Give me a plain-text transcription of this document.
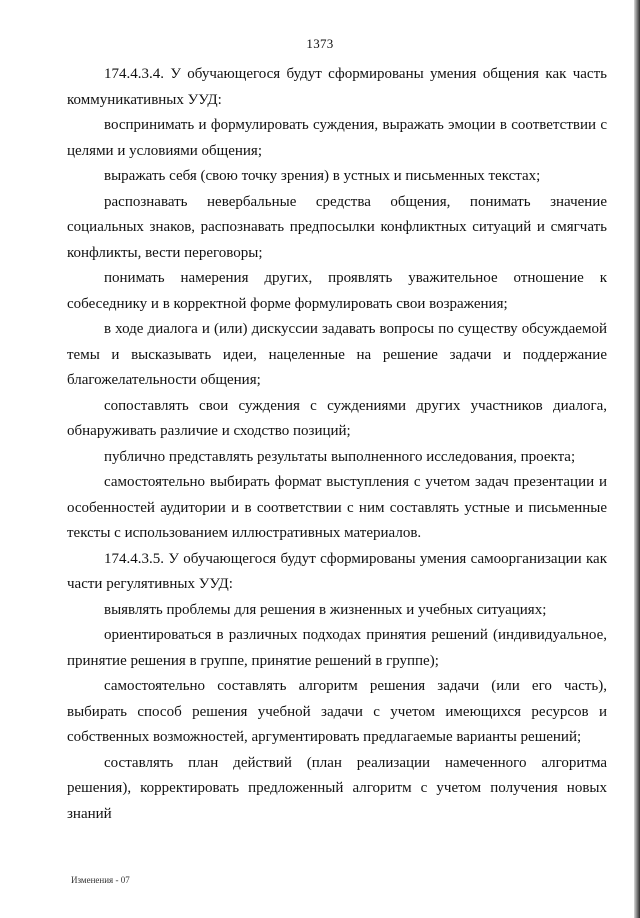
1373

174.4.3.4. У обучающегося будут сформированы умения общения как часть коммуникативных УУД:

воспринимать и формулировать суждения, выражать эмоции в соответствии с целями и условиями общения;

выражать себя (свою точку зрения) в устных и письменных текстах;

распознавать невербальные средства общения, понимать значение социальных знаков, распознавать предпосылки конфликтных ситуаций и смягчать конфликты, вести переговоры;

понимать намерения других, проявлять уважительное отношение к собеседнику и в корректной форме формулировать свои возражения;

в ходе диалога и (или) дискуссии задавать вопросы по существу обсуждаемой темы и высказывать идеи, нацеленные на решение задачи и поддержание благожелательности общения;

сопоставлять свои суждения с суждениями других участников диалога, обнаруживать различие и сходство позиций;

публично представлять результаты выполненного исследования, проекта;

самостоятельно выбирать формат выступления с учетом задач презентации и особенностей аудитории и в соответствии с ним составлять устные и письменные тексты с использованием иллюстративных материалов.

174.4.3.5. У обучающегося будут сформированы умения самоорганизации как части регулятивных УУД:

выявлять проблемы для решения в жизненных и учебных ситуациях;

ориентироваться в различных подходах принятия решений (индивидуальное, принятие решения в группе, принятие решений в группе);

самостоятельно составлять алгоритм решения задачи (или его часть), выбирать способ решения учебной задачи с учетом имеющихся ресурсов и собственных возможностей, аргументировать предлагаемые варианты решений;

составлять план действий (план реализации намеченного алгоритма решения), корректировать предложенный алгоритм с учетом получения новых знаний

Изменения - 07
